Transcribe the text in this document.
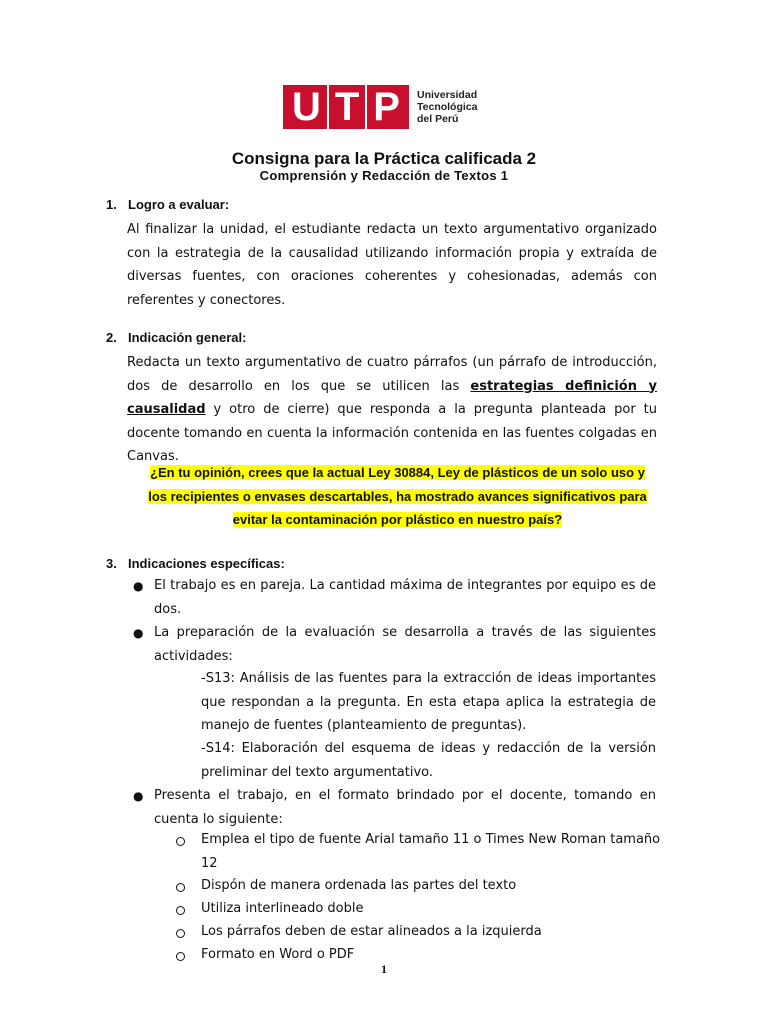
U T P Universidad
Tecnológica
del Perú
Consigna para la Práctica calificada 2
Comprensión y Redacción de Textos 1
1. Logro a evaluar:
Al finalizar la unidad, el estudiante redacta un texto argumentativo organizado con la estrategia de la causalidad utilizando información propia y extraída de diversas fuentes, con oraciones coherentes y cohesionadas, además con referentes y conectores.
2. Indicación general:
Redacta un texto argumentativo de cuatro párrafos (un párrafo de introducción, dos de desarrollo en los que se utilicen las estrategias definición y causalidad y otro de cierre) que responda a la pregunta planteada por tu docente tomando en cuenta la información contenida en las fuentes colgadas en Canvas.
¿En tu opinión, crees que la actual Ley 30884, Ley de plásticos de un solo uso y
los recipientes o envases descartables, ha mostrado avances significativos para
evitar la contaminación por plástico en nuestro país?
3. Indicaciones específicas:
● El trabajo es en pareja. La cantidad máxima de integrantes por equipo es de dos.
● La preparación de la evaluación se desarrolla a través de las siguientes actividades:
-S13: Análisis de las fuentes para la extracción de ideas importantes que respondan a la pregunta. En esta etapa aplica la estrategia de manejo de fuentes (planteamiento de preguntas).
-S14: Elaboración del esquema de ideas y redacción de la versión preliminar del texto argumentativo.
● Presenta el trabajo, en el formato brindado por el docente, tomando en cuenta lo siguiente:
Emplea el tipo de fuente Arial tamaño 11 o Times New Roman tamaño 12
Dispón de manera ordenada las partes del texto
Utiliza interlineado doble
Los párrafos deben de estar alineados a la izquierda
Formato en Word o PDF
1
